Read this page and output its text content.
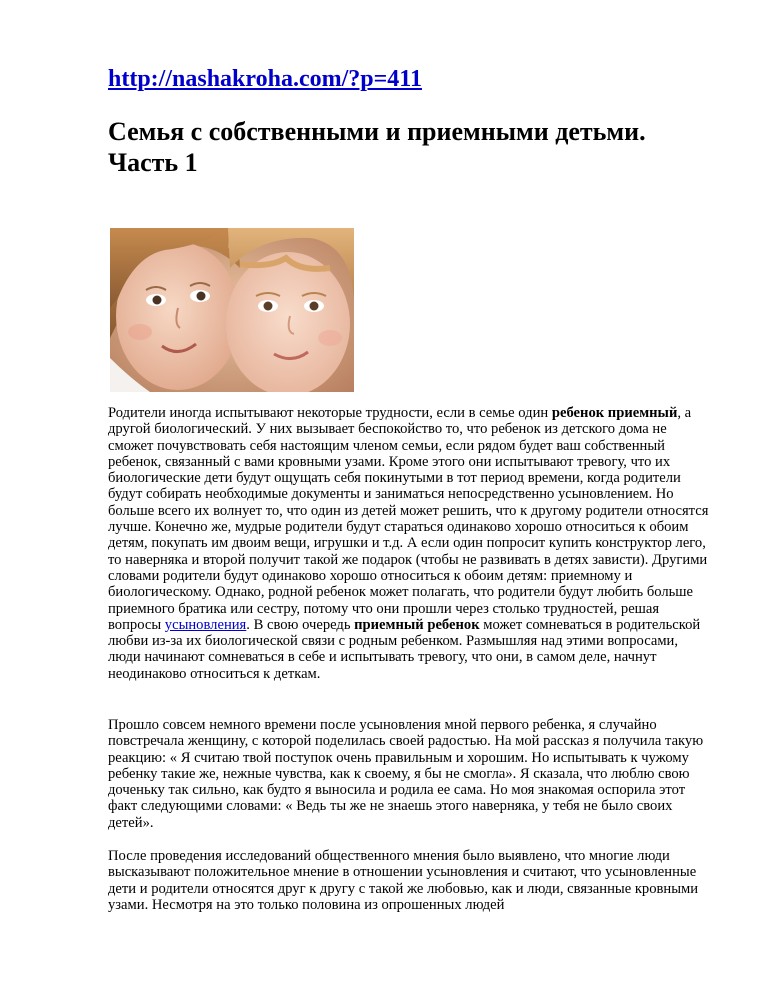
http://nashakroha.com/?p=411
Семья с собственными и приемными детьми. Часть 1

Родители иногда испытывают некоторые трудности, если в семье один ребенок приемный, а другой биологический. У них вызывает беспокойство то, что ребенок из детского дома не сможет почувствовать себя настоящим членом семьи, если рядом будет ваш собственный ребенок, связанный с вами кровными узами. Кроме этого они испытывают тревогу, что их биологические дети будут ощущать себя покинутыми в тот период времени, когда родители будут собирать необходимые документы и заниматься непосредственно усыновлением. Но больше всего их волнует то, что один из детей может решить, что к другому родители относятся лучше. Конечно же, мудрые родители будут стараться одинаково хорошо относиться к обоим детям, покупать им двоим вещи, игрушки и т.д. А если один попросит купить конструктор лего, то наверняка и второй получит такой же подарок (чтобы не развивать в детях зависти). Другими словами родители будут одинаково хорошо относиться к обоим детям: приемному и биологическому. Однако, родной ребенок может полагать, что родители будут любить больше приемного братика или сестру, потому что они прошли через столько трудностей, решая вопросы усыновления. В свою очередь приемный ребенок может сомневаться в родительской любви из-за их биологической связи с родным ребенком. Размышляя над этими вопросами, люди начинают сомневаться в себе и испытывать тревогу, что они, в самом деле, начнут неодинаково относиться к деткам.

Прошло совсем немного времени после усыновления мной первого ребенка, я случайно повстречала женщину, с которой поделилась своей радостью. На мой рассказ я получила такую реакцию: « Я считаю твой поступок очень правильным и хорошим. Но испытывать к чужому ребенку такие же, нежные чувства, как к своему, я бы не смогла». Я сказала, что люблю свою доченьку так сильно, как будто я выносила и родила ее сама. Но моя знакомая оспорила этот факт следующими словами: « Ведь ты же не знаешь этого наверняка, у тебя не было своих детей».

После проведения исследований общественного мнения было выявлено, что многие люди высказывают положительное мнение в отношении усыновления и считают, что усыновленные дети и родители относятся друг к другу с такой же любовью, как и люди, связанные кровными узами. Несмотря на это только половина из опрошенных людей
